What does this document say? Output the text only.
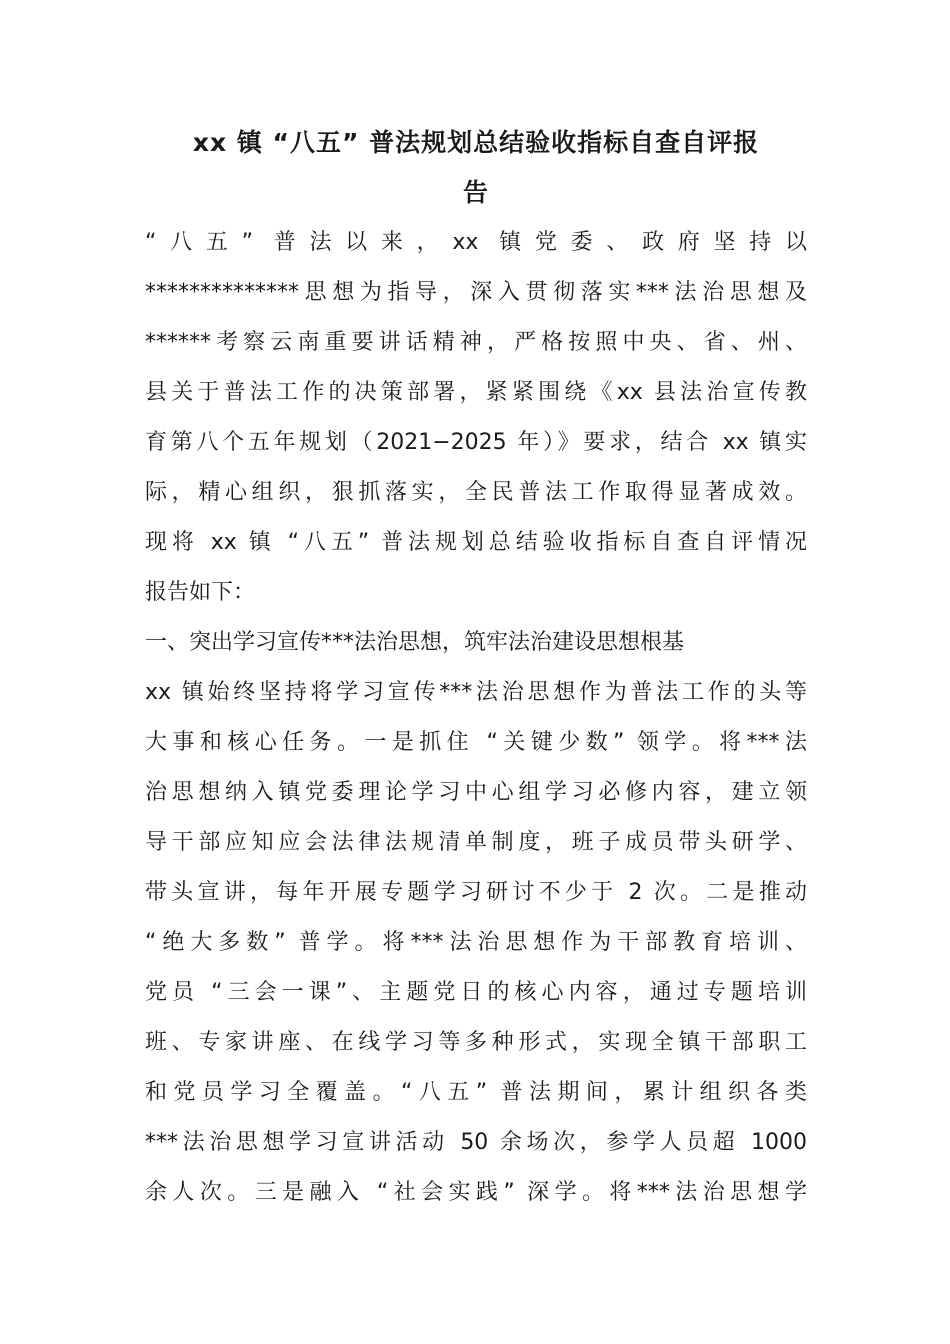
xx 镇 “八五” 普法规划总结验收指标自查自评报
告
“八五” 普法以来，xx 镇党委、政府坚持以
**************思想为指导，深入贯彻落实***法治思想及
******考察云南重要讲话精神，严格按照中央、省、州、
县关于普法工作的决策部署，紧紧围绕《xx 县法治宣传教
育第八个五年规划（2021−2025 年）》要求，结合 xx 镇实
际，精心组织，狠抓落实，全民普法工作取得显著成效。
现将 xx 镇 “八五” 普法规划总结验收指标自查自评情况
报告如下：
一、突出学习宣传***法治思想，筑牢法治建设思想根基
xx 镇始终坚持将学习宣传***法治思想作为普法工作的头等
大事和核心任务。一是抓住 “关键少数” 领学。将***法
治思想纳入镇党委理论学习中心组学习必修内容，建立领
导干部应知应会法律法规清单制度，班子成员带头研学、
带头宣讲，每年开展专题学习研讨不少于 2 次。二是推动
“绝大多数” 普学。将***法治思想作为干部教育培训、
党员 “三会一课”、主题党日的核心内容，通过专题培训
班、专家讲座、在线学习等多种形式，实现全镇干部职工
和党员学习全覆盖。“八五” 普法期间，累计组织各类
***法治思想学习宣讲活动 50 余场次，参学人员超 1000
余人次。三是融入 “社会实践” 深学。将***法治思想学
